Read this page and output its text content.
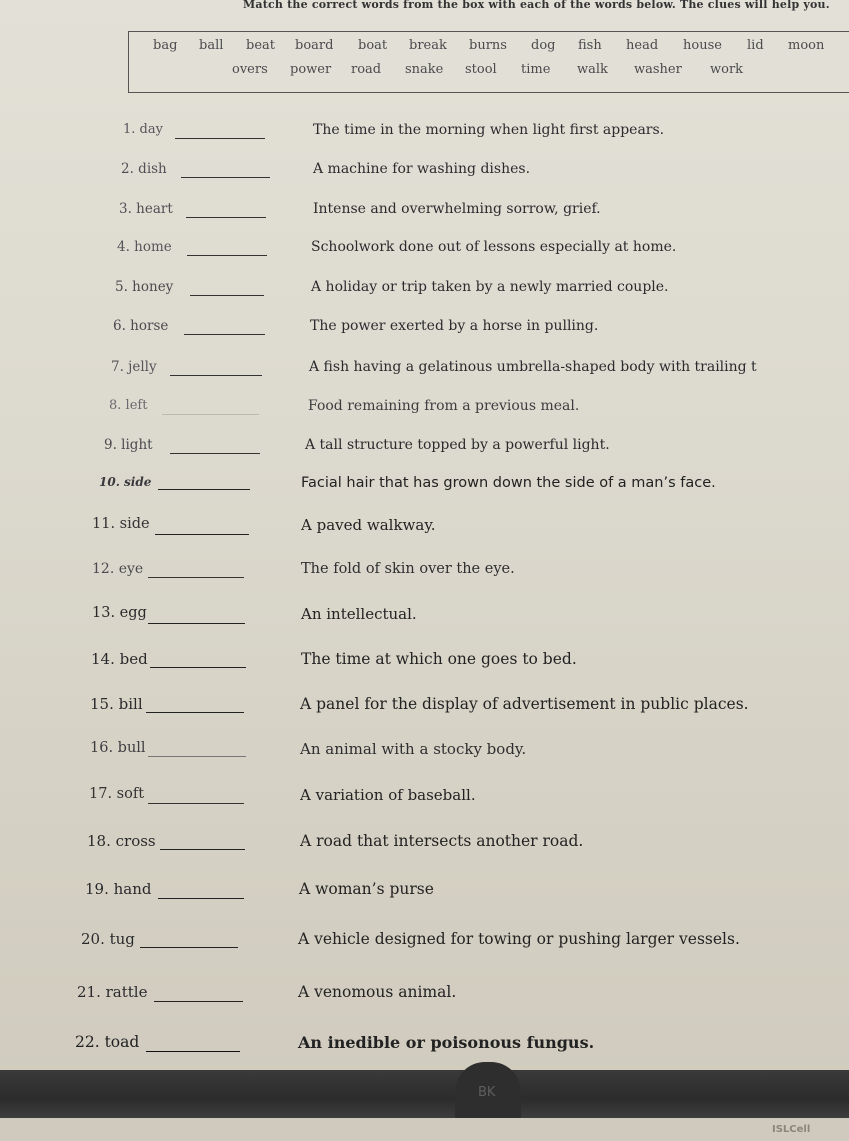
Match the correct words from the box with each of the words below. The clues will help you.
bag ball beat board boat break burns dog fish head house lid moon
overs power road snake stool time walk washer work
1. day	The time in the morning when light first appears.
2. dish	A machine for washing dishes.
3. heart	Intense and overwhelming sorrow, grief.
4. home	Schoolwork done out of lessons especially at home.
5. honey	A holiday or trip taken by a newly married couple.
6. horse	The power exerted by a horse in pulling.
7. jelly	A fish having a gelatinous umbrella-shaped body with trailing t
8. left	Food remaining from a previous meal.
9. light	A tall structure topped by a powerful light.
10. side	Facial hair that has grown down the side of a man’s face.
11. side	A paved walkway.
12. eye	The fold of skin over the eye.
13. egg	An intellectual.
14. bed	The time at which one goes to bed.
15. bill	A panel for the display of advertisement in public places.
16. bull	An animal with a stocky body.
17. soft	A variation of baseball.
18. cross	A road that intersects another road.
19. hand	A woman’s purse
20. tug	A vehicle designed for towing or pushing larger vessels.
21. rattle	A venomous animal.
22. toad	An inedible or poisonous fungus.
BK
ISLCell
